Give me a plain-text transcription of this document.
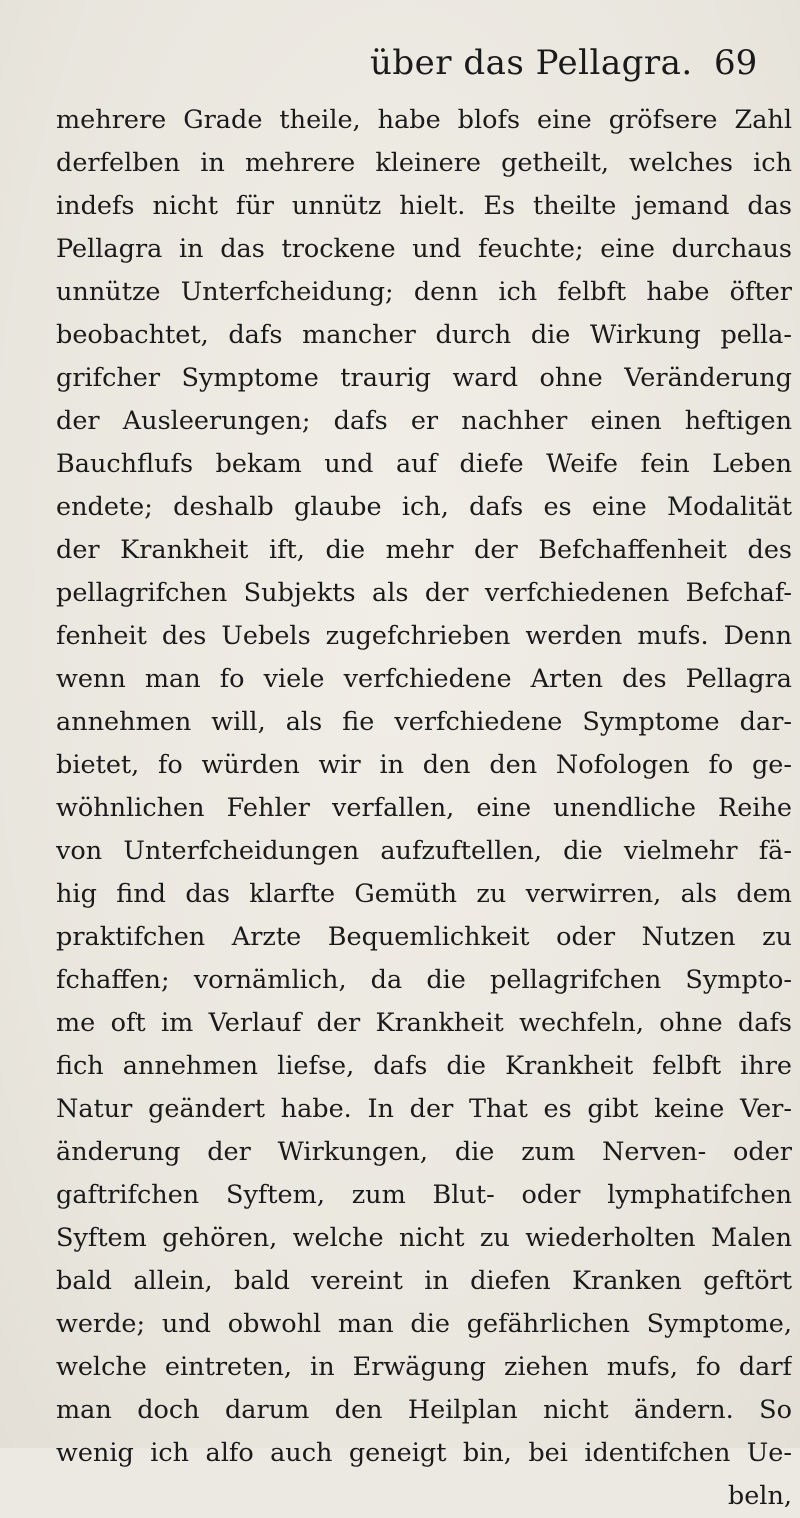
über das Pellagra. 69
mehrere Grade theile, habe blofs eine gröfsere Zahl
derfelben in mehrere kleinere getheilt, welches ich
indefs nicht für unnütz hielt. Es theilte jemand das
Pellagra in das trockene und feuchte; eine durchaus
unnütze Unterfcheidung; denn ich felbft habe öfter
beobachtet, dafs mancher durch die Wirkung pella-
grifcher Symptome traurig ward ohne Veränderung
der Ausleerungen; dafs er nachher einen heftigen
Bauchflufs bekam und auf diefe Weife fein Leben
endete; deshalb glaube ich, dafs es eine Modalität
der Krankheit ift, die mehr der Befchaffenheit des
pellagrifchen Subjekts als der verfchiedenen Befchaf-
fenheit des Uebels zugefchrieben werden mufs. Denn
wenn man fo viele verfchiedene Arten des Pellagra
annehmen will, als fie verfchiedene Symptome dar-
bietet, fo würden wir in den den Nofologen fo ge-
wöhnlichen Fehler verfallen, eine unendliche Reihe
von Unterfcheidungen aufzuftellen, die vielmehr fä-
hig find das klarfte Gemüth zu verwirren, als dem
praktifchen Arzte Bequemlichkeit oder Nutzen zu
fchaffen; vornämlich, da die pellagrifchen Sympto-
me oft im Verlauf der Krankheit wechfeln, ohne dafs
fich annehmen liefse, dafs die Krankheit felbft ihre
Natur geändert habe. In der That es gibt keine Ver-
änderung der Wirkungen, die zum Nerven- oder
gaftrifchen Syftem, zum Blut- oder lymphatifchen
Syftem gehören, welche nicht zu wiederholten Malen
bald allein, bald vereint in diefen Kranken geftört
werde; und obwohl man die gefährlichen Symptome,
welche eintreten, in Erwägung ziehen mufs, fo darf
man doch darum den Heilplan nicht ändern. So
wenig ich alfo auch geneigt bin, bei identifchen Ue-
beln,
